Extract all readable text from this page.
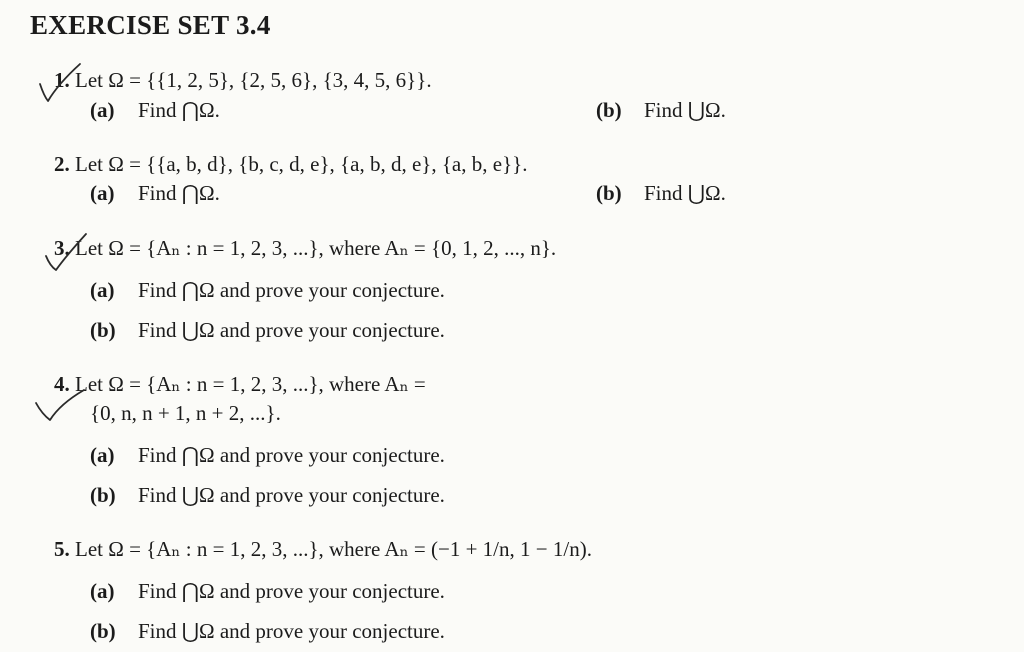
EXERCISE SET 3.4
1. Let Ω = {{1, 2, 5}, {2, 5, 6}, {3, 4, 5, 6}}.
(a) Find ⋂Ω.	(b) Find ⋃Ω.
2. Let Ω = {{a, b, d}, {b, c, d, e}, {a, b, d, e}, {a, b, e}}.
(a) Find ⋂Ω.	(b) Find ⋃Ω.
3. Let Ω = {Aₙ : n = 1, 2, 3, ...}, where Aₙ = {0, 1, 2, ..., n}.
(a) Find ⋂Ω and prove your conjecture.
(b) Find ⋃Ω and prove your conjecture.
4. Let Ω = {Aₙ : n = 1, 2, 3, ...}, where Aₙ =
{0, n, n + 1, n + 2, ...}.
(a) Find ⋂Ω and prove your conjecture.
(b) Find ⋃Ω and prove your conjecture.
5. Let Ω = {Aₙ : n = 1, 2, 3, ...}, where Aₙ = (−1 + 1/n, 1 − 1/n).
(a) Find ⋂Ω and prove your conjecture.
(b) Find ⋃Ω and prove your conjecture.
